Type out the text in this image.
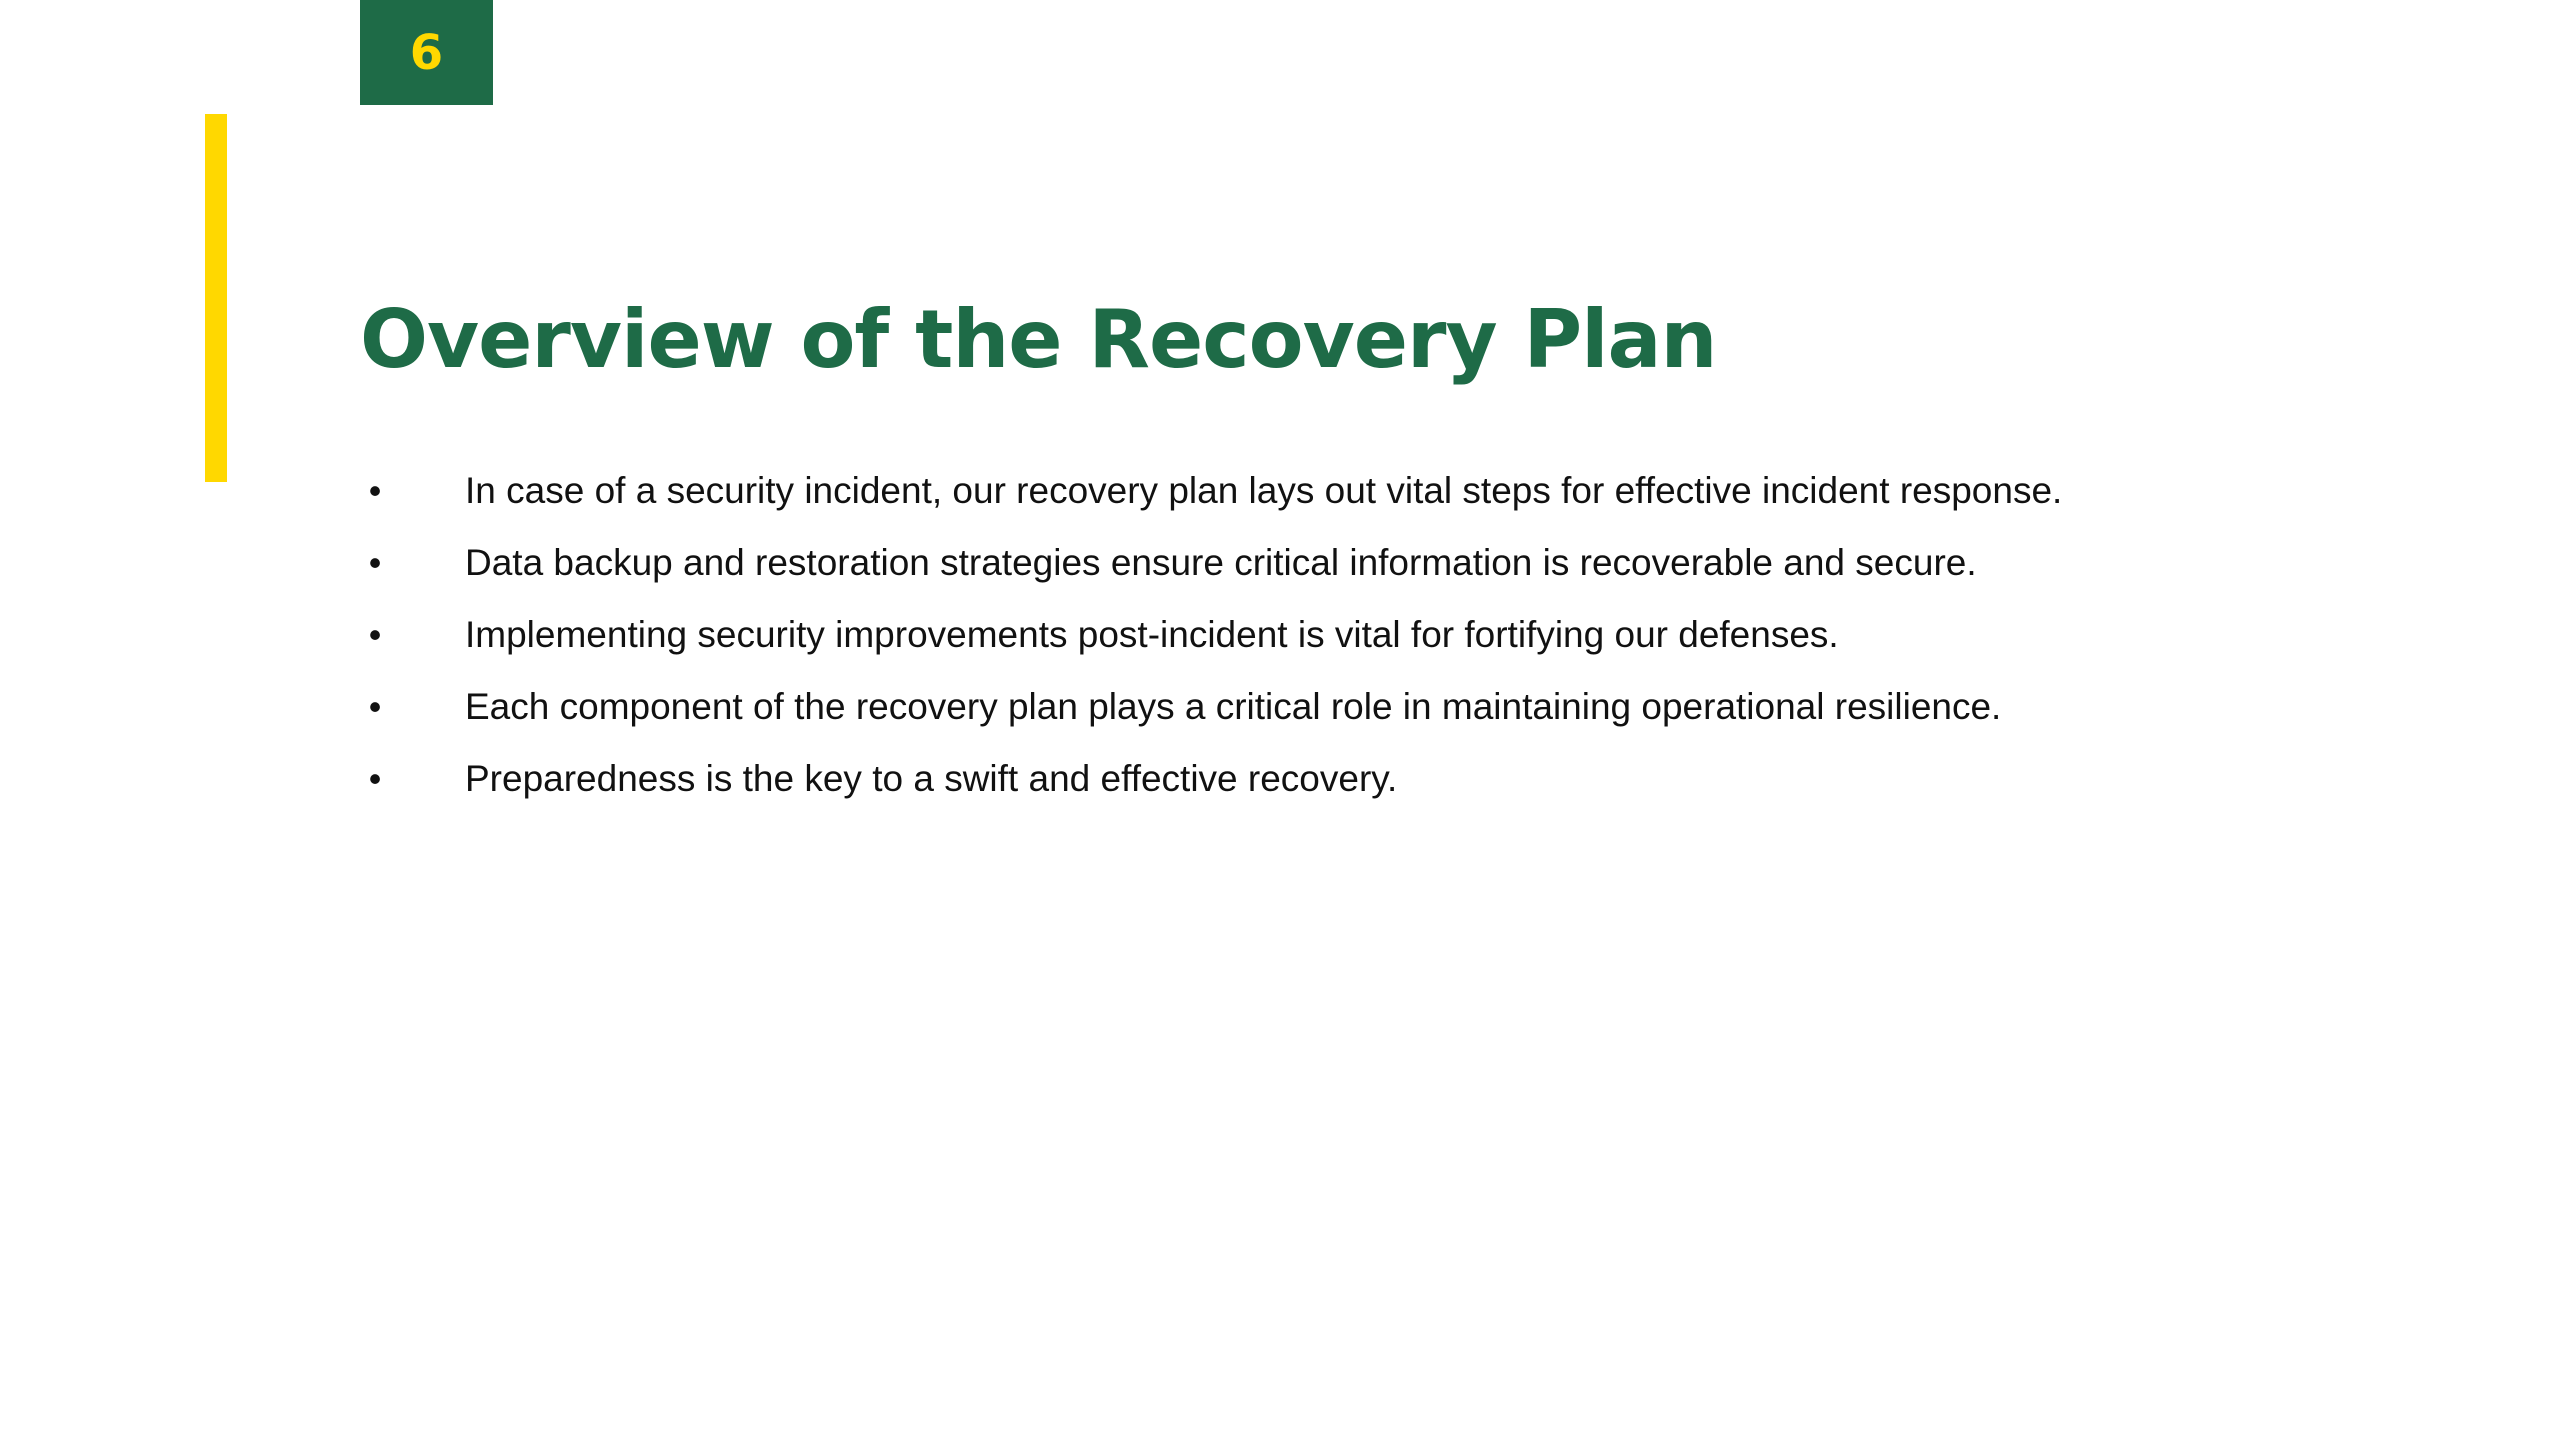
6
Overview of the Recovery Plan
• In case of a security incident, our recovery plan lays out vital steps for effective incident response.
• Data backup and restoration strategies ensure critical information is recoverable and secure.
• Implementing security improvements post-incident is vital for fortifying our defenses.
• Each component of the recovery plan plays a critical role in maintaining operational resilience.
• Preparedness is the key to a swift and effective recovery.
